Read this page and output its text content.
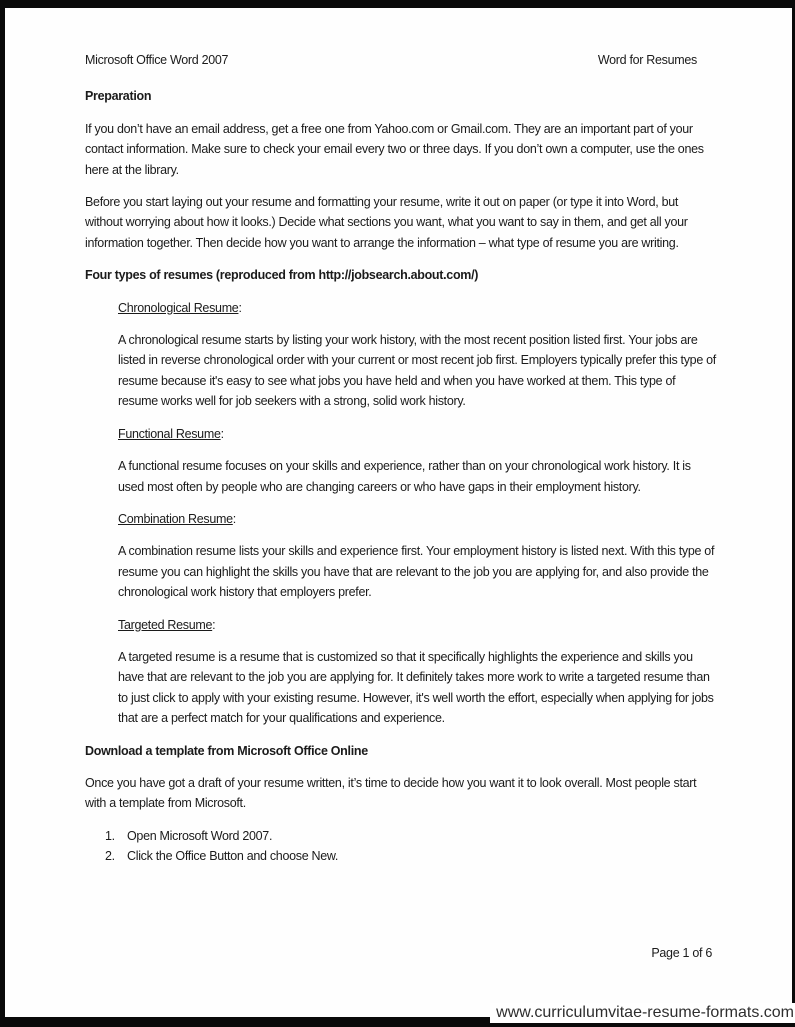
Microsoft Office Word 2007	Word for Resumes
Preparation

If you don’t have an email address, get a free one from Yahoo.com or Gmail.com. They are an important part of your contact information. Make sure to check your email every two or three days. If you don’t own a computer, use the ones here at the library.

Before you start laying out your resume and formatting your resume, write it out on paper (or type it into Word, but without worrying about how it looks.) Decide what sections you want, what you want to say in them, and get all your information together. Then decide how you want to arrange the information – what type of resume you are writing.

Four types of resumes (reproduced from http://jobsearch.about.com/)
Chronological Resume:

A chronological resume starts by listing your work history, with the most recent position listed first. Your jobs are listed in reverse chronological order with your current or most recent job first. Employers typically prefer this type of resume because it's easy to see what jobs you have held and when you have worked at them. This type of resume works well for job seekers with a strong, solid work history.

Functional Resume:

A functional resume focuses on your skills and experience, rather than on your chronological work history. It is used most often by people who are changing careers or who have gaps in their employment history.

Combination Resume:

A combination resume lists your skills and experience first. Your employment history is listed next. With this type of resume you can highlight the skills you have that are relevant to the job you are applying for, and also provide the chronological work history that employers prefer.

Targeted Resume:

A targeted resume is a resume that is customized so that it specifically highlights the experience and skills you have that are relevant to the job you are applying for. It definitely takes more work to write a targeted resume than to just click to apply with your existing resume. However, it's well worth the effort, especially when applying for jobs that are a perfect match for your qualifications and experience.

Download a template from Microsoft Office Online

Once you have got a draft of your resume written, it’s time to decide how you want it to look overall. Most people start with a template from Microsoft.

1. Open Microsoft Word 2007.
2. Click the Office Button and choose New.
Page 1 of 6
www.curriculumvitae-resume-formats.com
